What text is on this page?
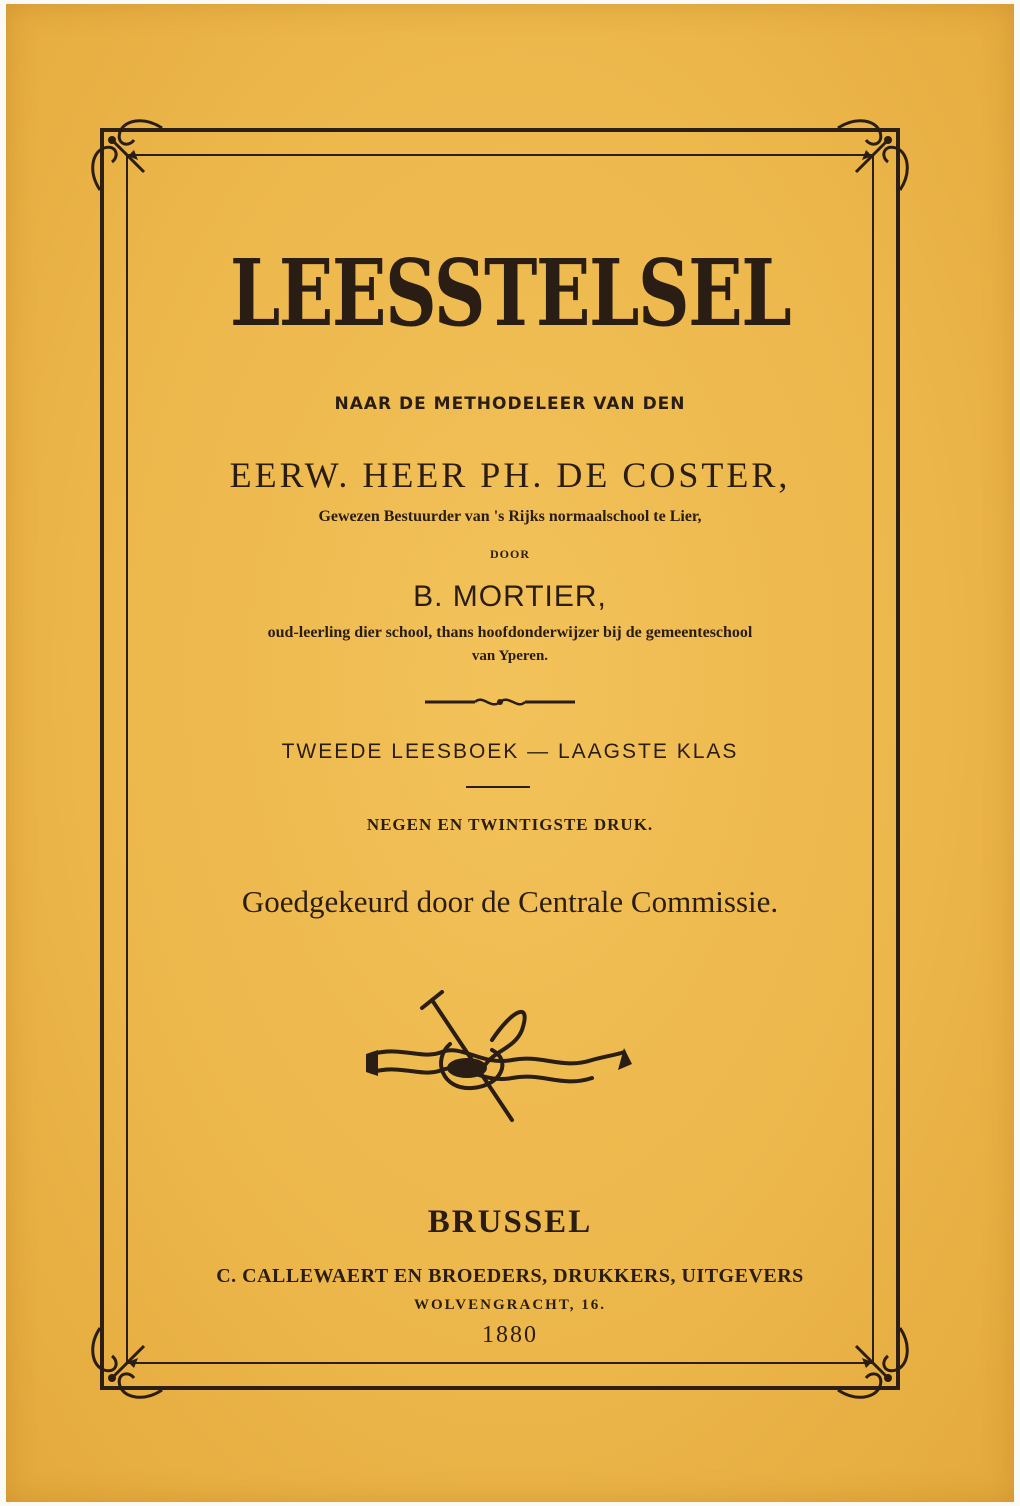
LEESSTELSEL
NAAR DE METHODELEER VAN DEN
EERW. HEER PH. DE COSTER,
Gewezen Bestuurder van 's Rijks normaalschool te Lier,
DOOR
B. MORTIER,
oud-leerling dier school, thans hoofdonderwijzer bij de gemeenteschool
van Yperen.
TWEEDE LEESBOEK — LAAGSTE KLAS
NEGEN EN TWINTIGSTE DRUK.
Goedgekeurd door de Centrale Commissie.
BRUSSEL
C. CALLEWAERT EN BROEDERS, DRUKKERS, UITGEVERS
WOLVENGRACHT, 16.
1880
